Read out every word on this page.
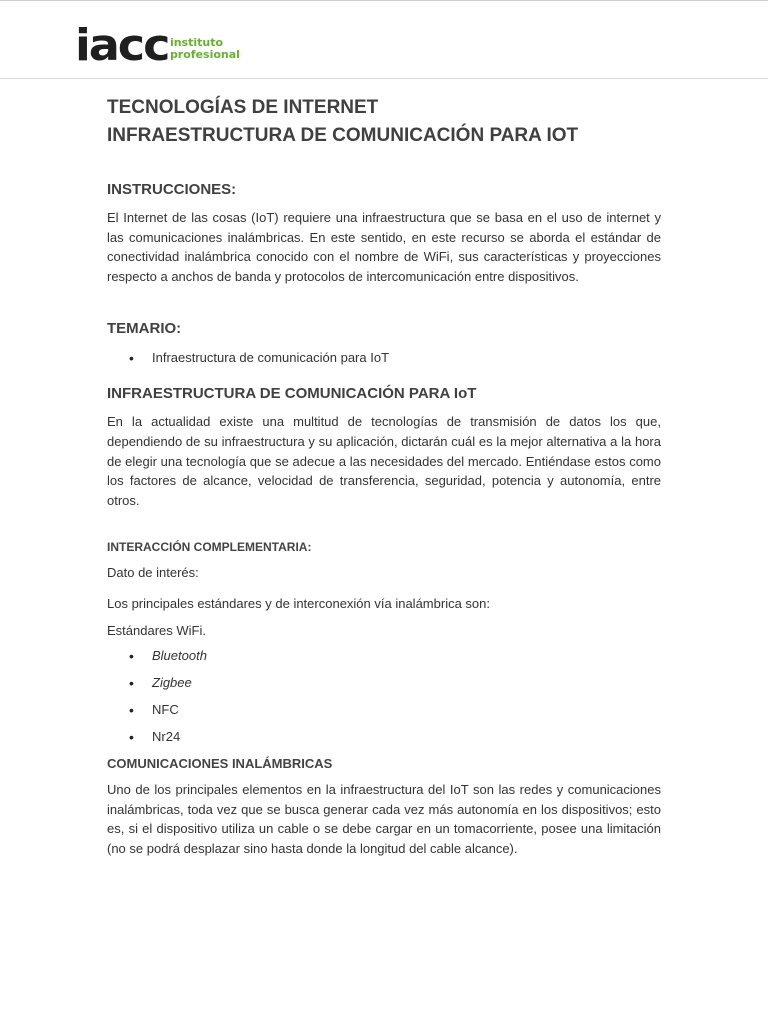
iacc instituto
profesional
TECNOLOGÍAS DE INTERNET
INFRAESTRUCTURA DE COMUNICACIÓN PARA IOT
INSTRUCCIONES:

El Internet de las cosas (IoT) requiere una infraestructura que se basa en el uso de internet y las comunicaciones inalámbricas. En este sentido, en este recurso se aborda el estándar de conectividad inalámbrica conocido con el nombre de WiFi, sus características y proyecciones respecto a anchos de banda y protocolos de intercomunicación entre dispositivos.

TEMARIO:
• Infraestructura de comunicación para IoT
INFRAESTRUCTURA DE COMUNICACIÓN PARA IoT

En la actualidad existe una multitud de tecnologías de transmisión de datos los que, dependiendo de su infraestructura y su aplicación, dictarán cuál es la mejor alternativa a la hora de elegir una tecnología que se adecue a las necesidades del mercado. Entiéndase estos como los factores de alcance, velocidad de transferencia, seguridad, potencia y autonomía, entre otros.

INTERACCIÓN COMPLEMENTARIA:

Dato de interés:

Los principales estándares y de interconexión vía inalámbrica son:

Estándares WiFi.

• Bluetooth
• Zigbee
• NFC
• Nr24
COMUNICACIONES INALÁMBRICAS

Uno de los principales elementos en la infraestructura del IoT son las redes y comunicaciones inalámbricas, toda vez que se busca generar cada vez más autonomía en los dispositivos; esto es, si el dispositivo utiliza un cable o se debe cargar en un tomacorriente, posee una limitación (no se podrá desplazar sino hasta donde la longitud del cable alcance).
